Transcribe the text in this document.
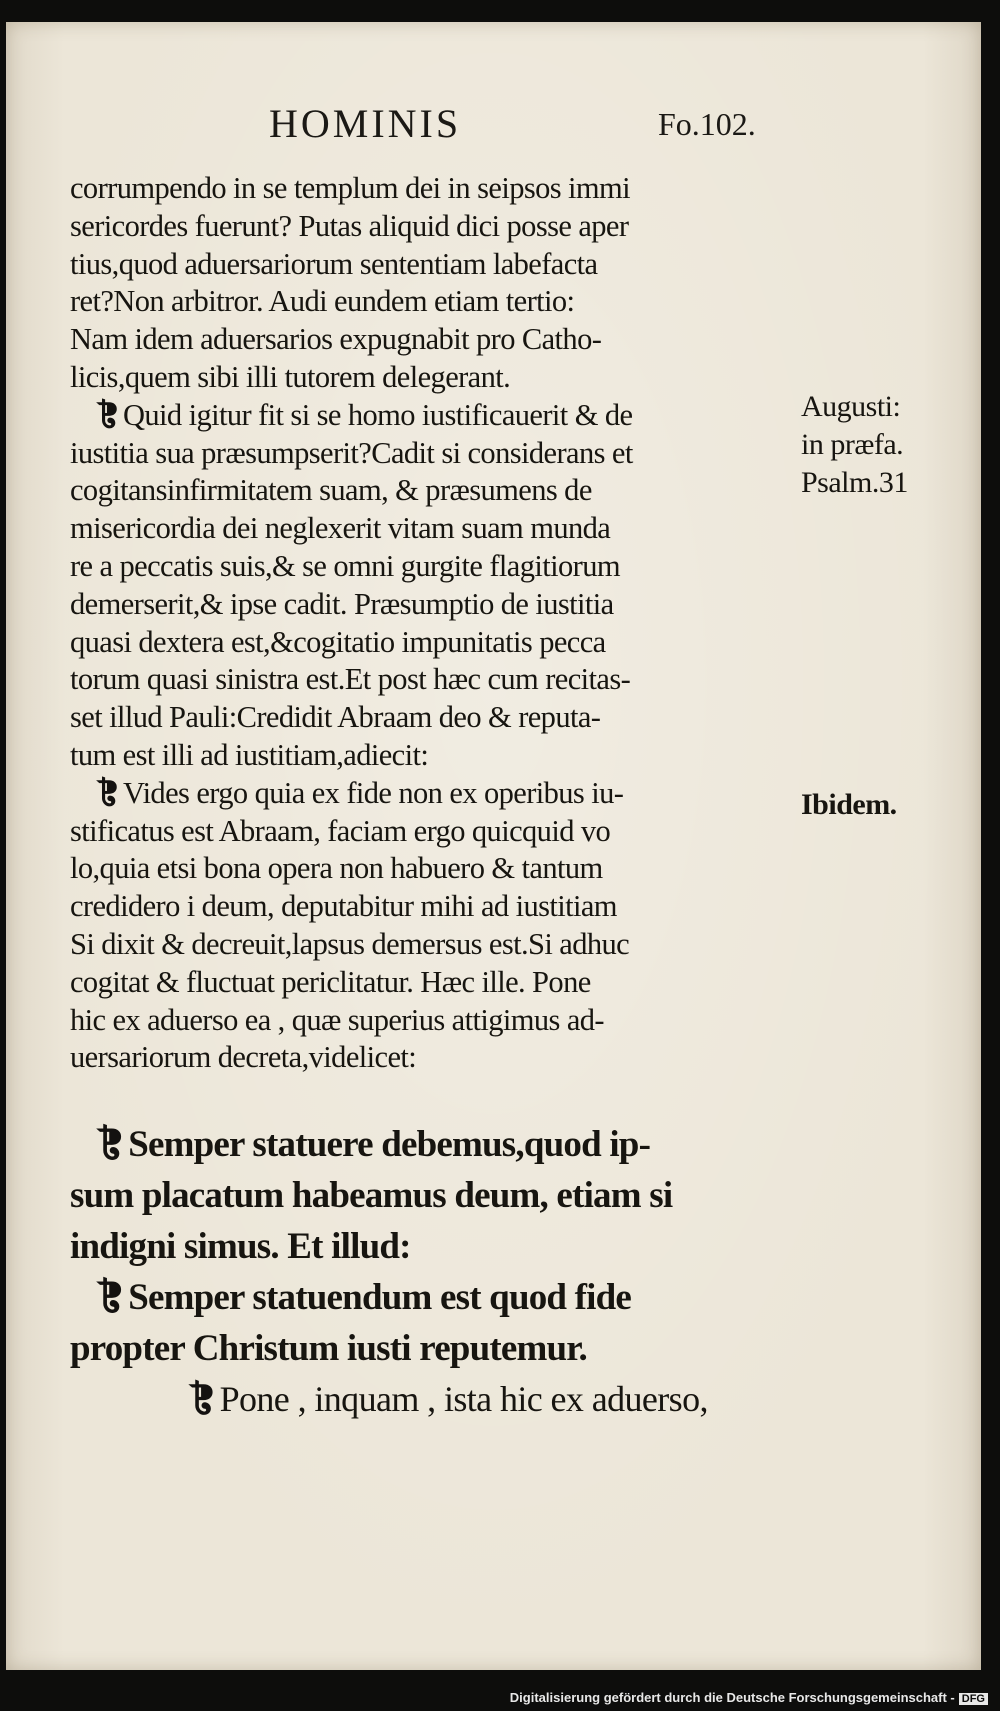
HOMINIS	Fo.102.
corrumpendo in se templum dei in seipsos immi
sericordes fuerunt? Putas aliquid dici posse aper
tius,quod aduersariorum sententiam labefacta
ret?Non arbitror. Audi eundem etiam tertio:
Nam idem aduersarios expugnabit pro Catho-
licis,quem sibi illi tutorem delegerant.
❡Quid igitur fit si se homo iustificauerit & de
iustitia sua præsumpserit?Cadit si considerans et
cogitansinfirmitatem suam, & præsumens de
misericordia dei neglexerit vitam suam munda
re a peccatis suis,& se omni gurgite flagitiorum
demerserit,& ipse cadit. Præsumptio de iustitia
quasi dextera est,&cogitatio impunitatis pecca
torum quasi sinistra est.Et post hæc cum recitas-
set illud Pauli:Credidit Abraam deo & reputa-
tum est illi ad iustitiam,adiecit:
❡Vides ergo quia ex fide non ex operibus iu-
stificatus est Abraam, faciam ergo quicquid vo
lo,quia etsi bona opera non habuero & tantum
credidero i deum, deputabitur mihi ad iustitiam
Si dixit & decreuit,lapsus demersus est.Si adhuc
cogitat & fluctuat periclitatur. Hæc ille. Pone
hic ex aduerso ea , quæ superius attigimus ad-
uersariorum decreta,videlicet:
❡Semper statuere debemus,quod ip-
sum placatum habeamus deum, etiam si
indigni simus. Et illud:
❡Semper statuendum est quod fide
propter Christum iusti reputemur.
❡Pone , inquam , ista hic ex aduerso,
Augusti:
in præfa.
Psalm.31
Ibidem.
Digitalisierung gefördert durch die Deutsche Forschungsgemeinschaft - DFG
